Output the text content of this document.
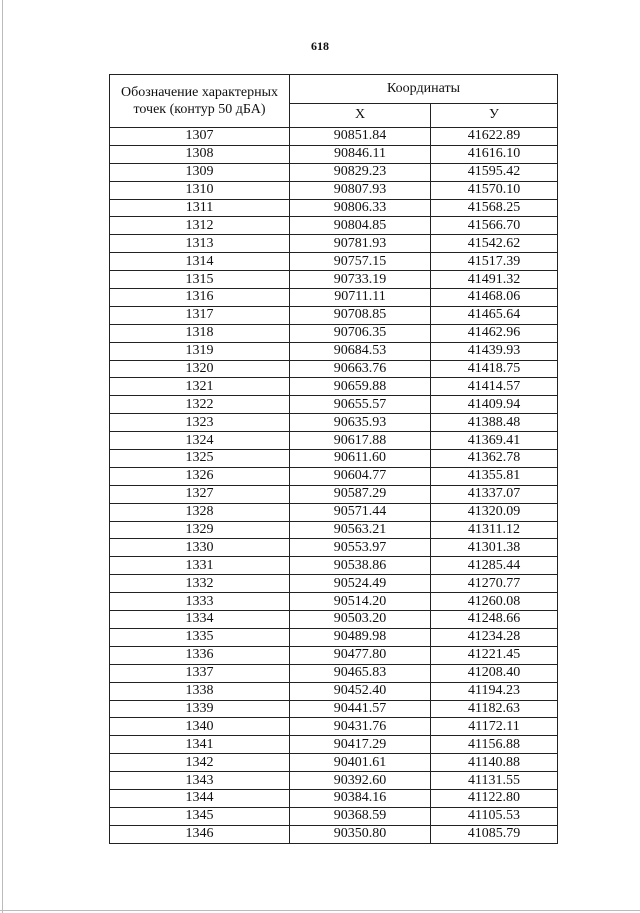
618
Обозначение характерных точек (контур 50 дБА)	Координаты	
	X	У
1307	90851.84	41622.89
1308	90846.11	41616.10
1309	90829.23	41595.42
1310	90807.93	41570.10
1311	90806.33	41568.25
1312	90804.85	41566.70
1313	90781.93	41542.62
1314	90757.15	41517.39
1315	90733.19	41491.32
1316	90711.11	41468.06
1317	90708.85	41465.64
1318	90706.35	41462.96
1319	90684.53	41439.93
1320	90663.76	41418.75
1321	90659.88	41414.57
1322	90655.57	41409.94
1323	90635.93	41388.48
1324	90617.88	41369.41
1325	90611.60	41362.78
1326	90604.77	41355.81
1327	90587.29	41337.07
1328	90571.44	41320.09
1329	90563.21	41311.12
1330	90553.97	41301.38
1331	90538.86	41285.44
1332	90524.49	41270.77
1333	90514.20	41260.08
1334	90503.20	41248.66
1335	90489.98	41234.28
1336	90477.80	41221.45
1337	90465.83	41208.40
1338	90452.40	41194.23
1339	90441.57	41182.63
1340	90431.76	41172.11
1341	90417.29	41156.88
1342	90401.61	41140.88
1343	90392.60	41131.55
1344	90384.16	41122.80
1345	90368.59	41105.53
1346	90350.80	41085.79
